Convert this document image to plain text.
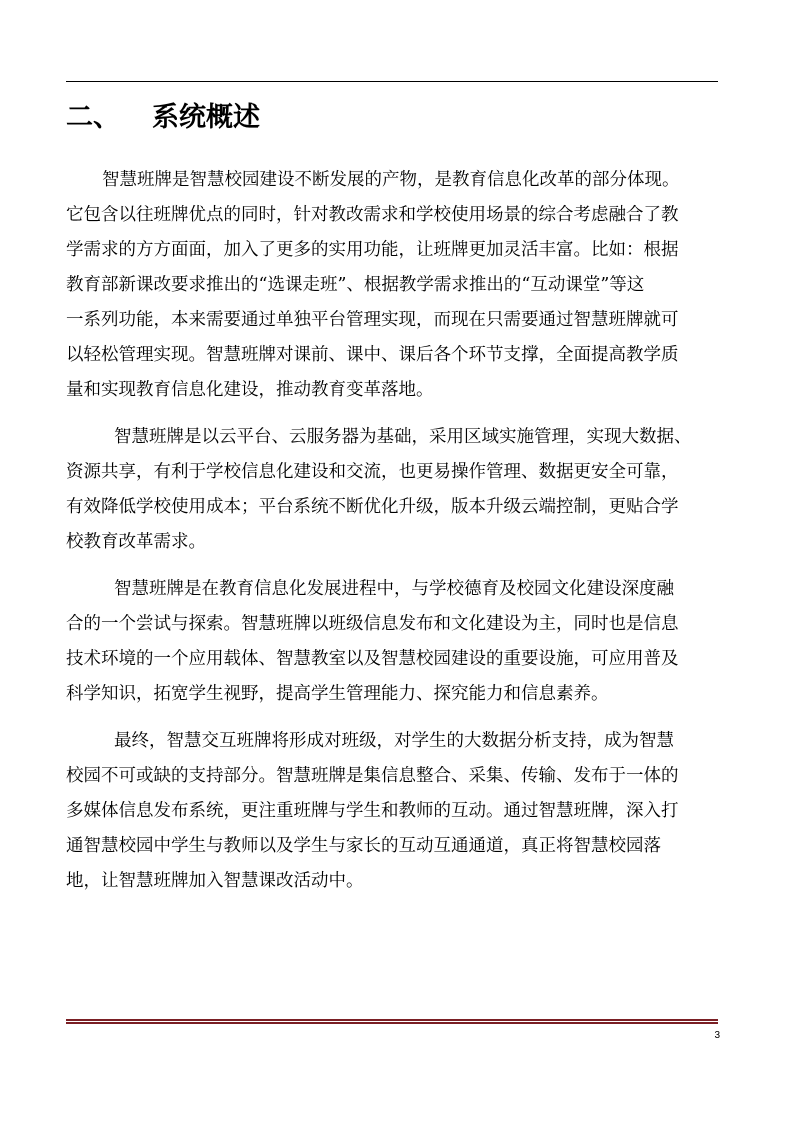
二、 系统概述
智慧班牌是智慧校园建设不断发展的产物，是教育信息化改革的部分体现。
它包含以往班牌优点的同时，针对教改需求和学校使用场景的综合考虑融合了教
学需求的方方面面，加入了更多的实用功能，让班牌更加灵活丰富。比如：根据
教育部新课改要求推出的“选课走班”、根据教学需求推出的“互动课堂”等这
一系列功能，本来需要通过单独平台管理实现，而现在只需要通过智慧班牌就可
以轻松管理实现。智慧班牌对课前、课中、课后各个环节支撑，全面提高教学质
量和实现教育信息化建设，推动教育变革落地。
智慧班牌是以云平台、云服务器为基础，采用区域实施管理，实现大数据、
资源共享，有利于学校信息化建设和交流，也更易操作管理、数据更安全可靠，
有效降低学校使用成本；平台系统不断优化升级，版本升级云端控制，更贴合学
校教育改革需求。
智慧班牌是在教育信息化发展进程中，与学校德育及校园文化建设深度融
合的一个尝试与探索。智慧班牌以班级信息发布和文化建设为主，同时也是信息
技术环境的一个应用载体、智慧教室以及智慧校园建设的重要设施，可应用普及
科学知识，拓宽学生视野，提高学生管理能力、探究能力和信息素养。
最终，智慧交互班牌将形成对班级，对学生的大数据分析支持，成为智慧
校园不可或缺的支持部分。智慧班牌是集信息整合、采集、传输、发布于一体的
多媒体信息发布系统，更注重班牌与学生和教师的互动。通过智慧班牌，深入打
通智慧校园中学生与教师以及学生与家长的互动互通通道，真正将智慧校园落
地，让智慧班牌加入智慧课改活动中。
3
